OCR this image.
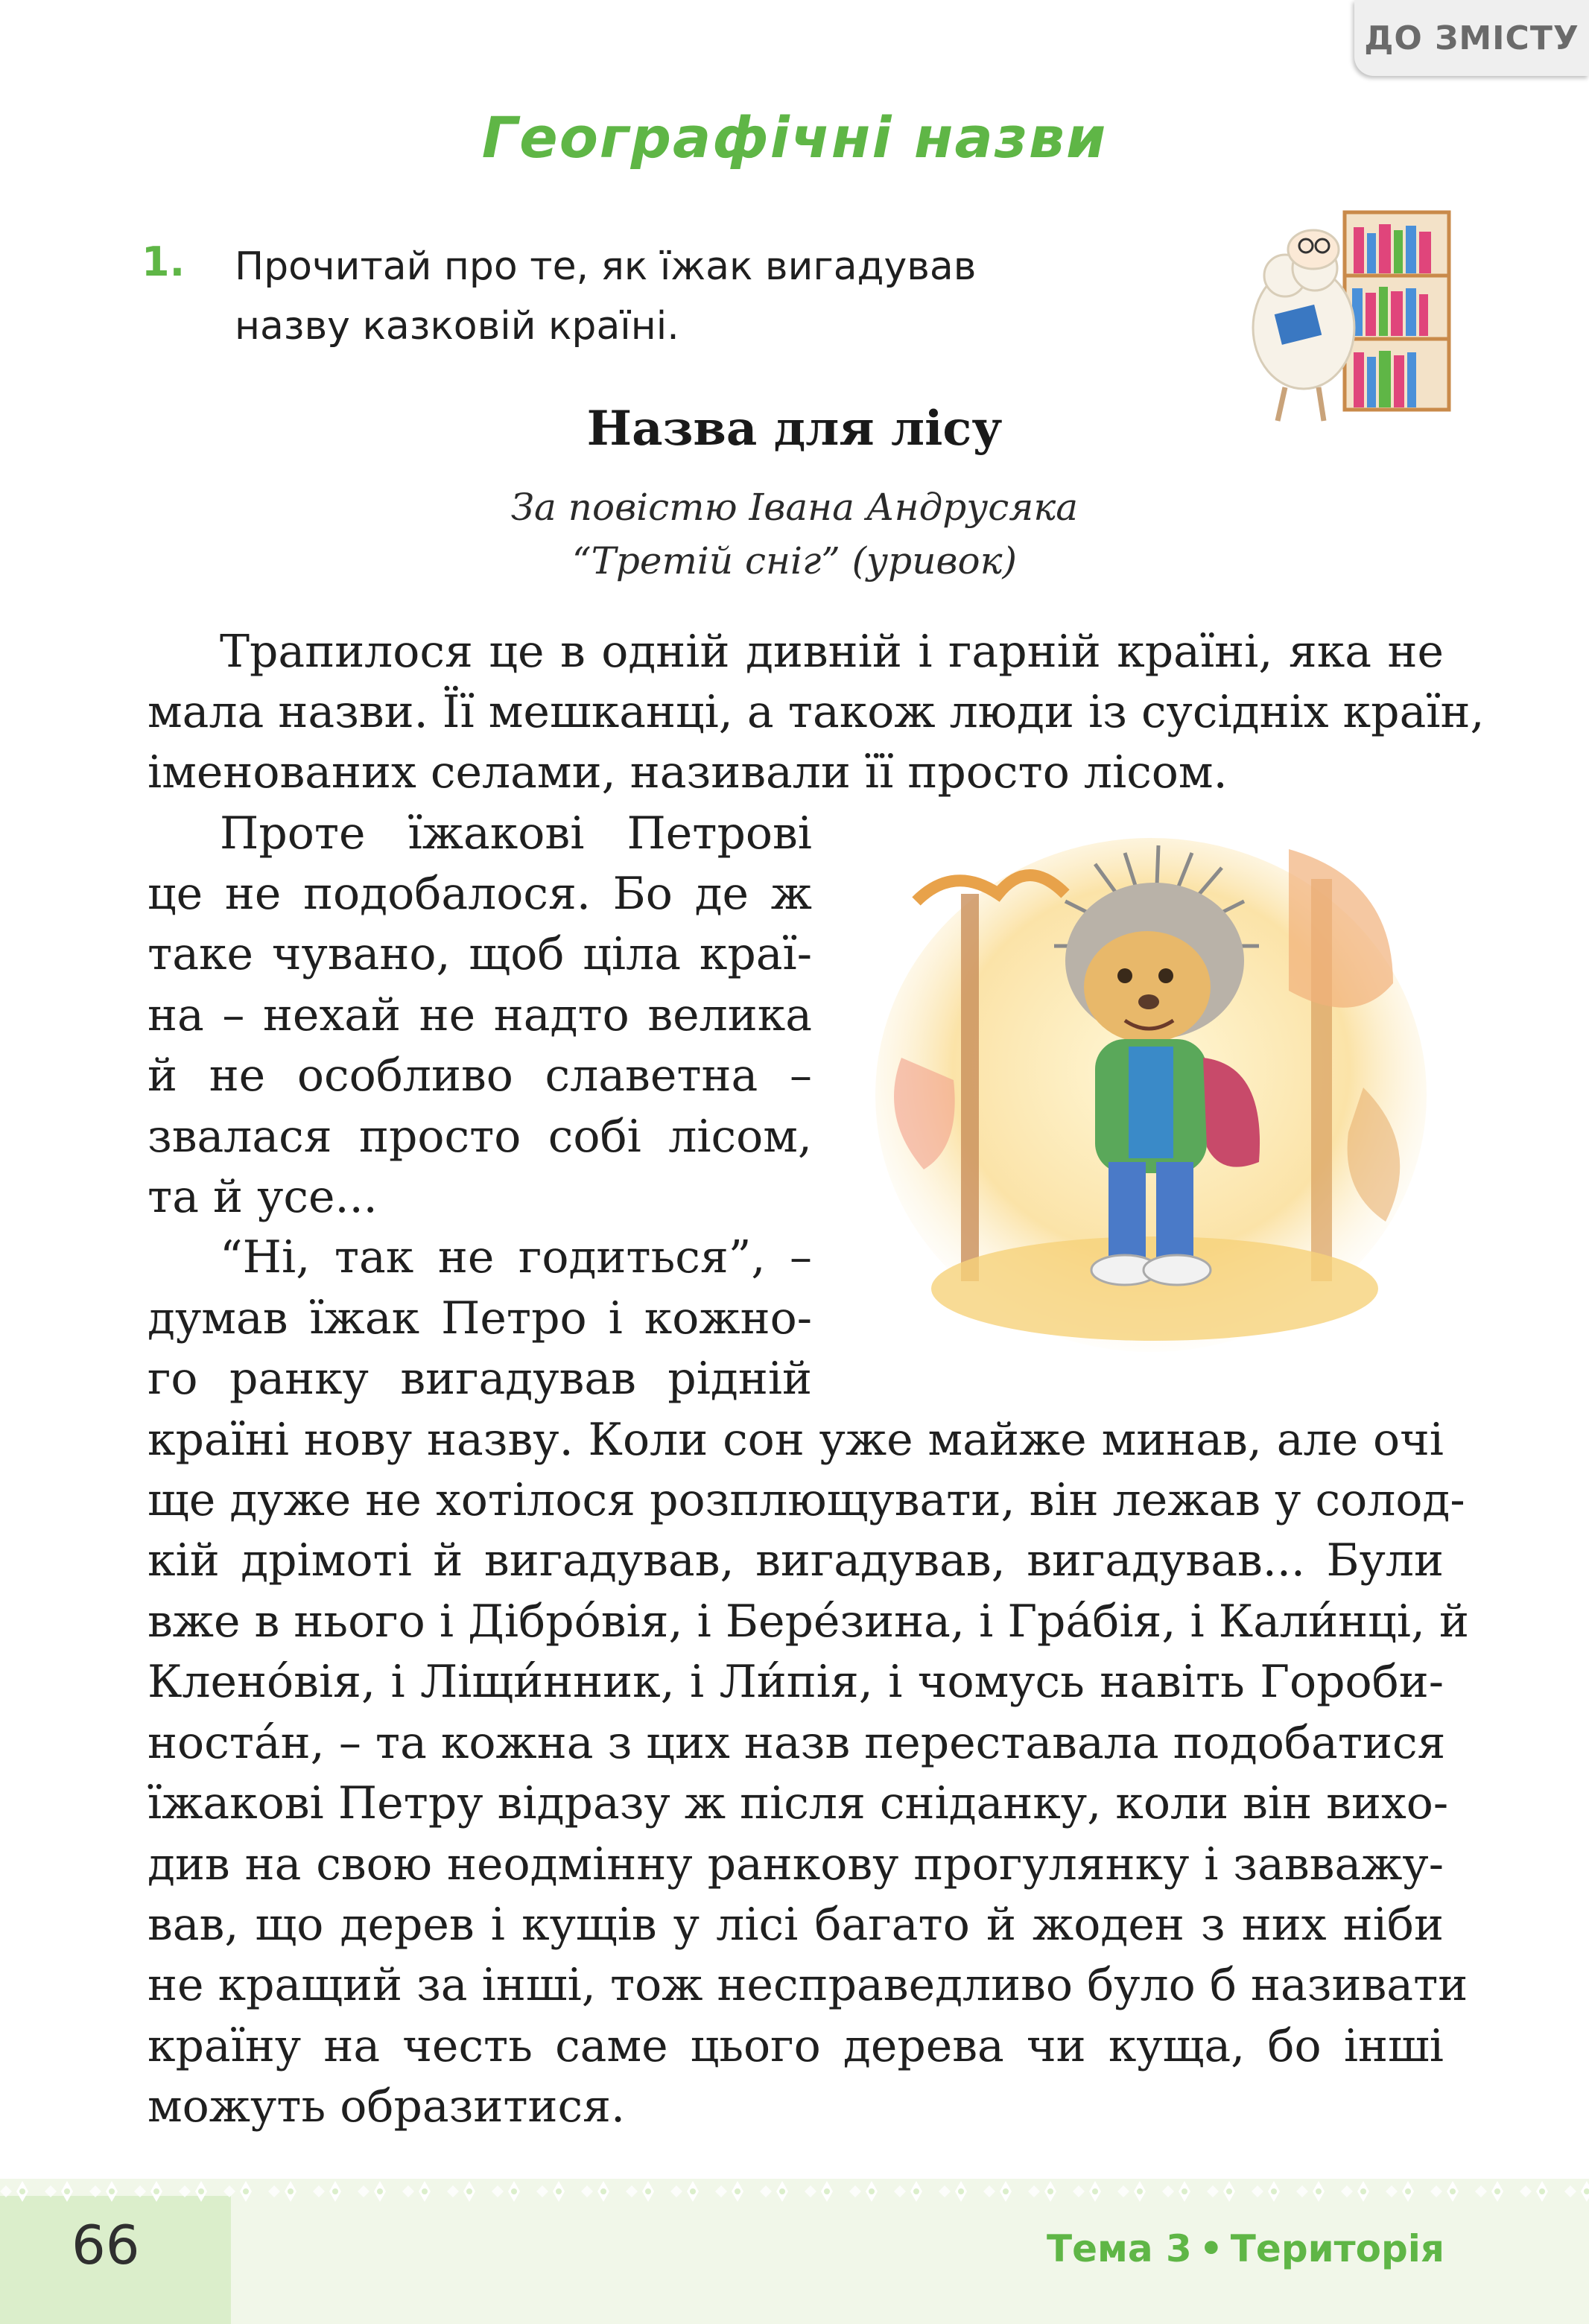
ДО ЗМІСТУ
Географічні назви
1. Прочитай про те, як їжак вигадував
назву казковій країні.

Назва для лісу
За повістю Івана Андрусяка
“Третій сніг” (уривок)
Трапилося це в одній дивній і гарній країні, яка не
мала назви. Її мешканці, а також люди із сусідніх країн,
іменованих селами, називали її просто лісом.
Проте їжакові Петрові
це не подобалося. Бо де ж
таке чувано, щоб ціла краї-
на – нехай не надто велика
й не особливо славетна –
звалася просто собі лісом,
та й усе...
“Ні, так не годиться”, –
думав їжак Петро і кожно-
го ранку вигадував рідній
країні нову назву. Коли сон уже майже минав, але очі
ще дуже не хотілося розплющувати, він лежав у солод-
кій дрімоті й вигадував, вигадував, вигадував... Були
вже в нього і Дібро́вія, і Бере́зина, і Гра́бія, і Кали́нці, й
Клено́вія, і Ліщи́нник, і Ли́пія, і чомусь навіть Гороби-
носта́н, – та кожна з цих назв переставала подобатися
їжакові Петру відразу ж після сніданку, коли він вихо-
див на свою неодмінну ранкову прогулянку і завважу-
вав, що дерев і кущів у лісі багато й жоден з них ніби
не кращий за інші, тож несправедливо було б називати
країну на честь саме цього дерева чи куща, бо інші
можуть образитися.
66	Тема 3 • Територія
